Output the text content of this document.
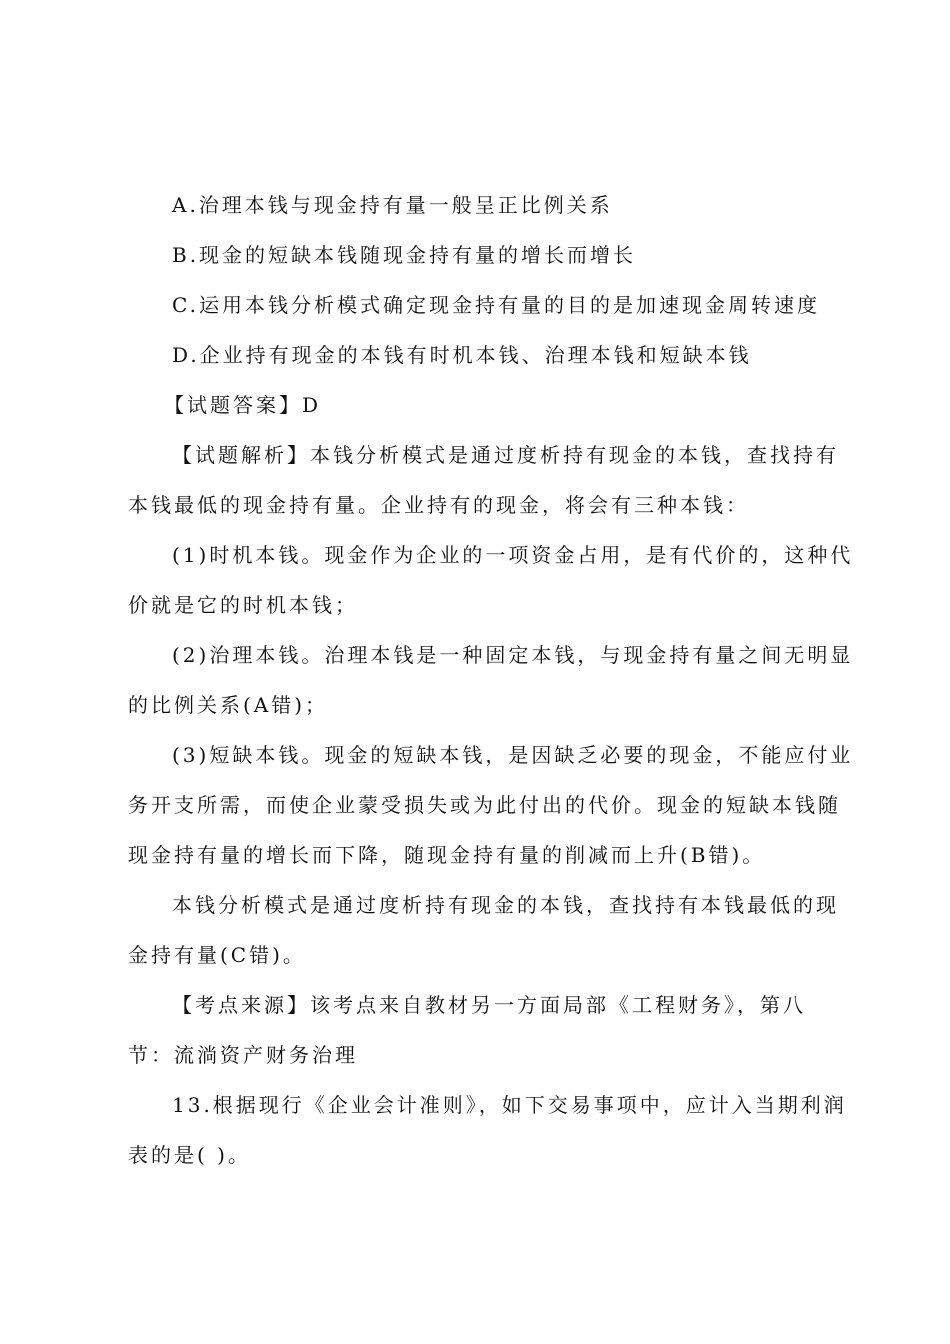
A.治理本钱与现金持有量一般呈正比例关系
B.现金的短缺本钱随现金持有量的增长而增长
C.运用本钱分析模式确定现金持有量的目的是加速现金周转速度
D.企业持有现金的本钱有时机本钱、治理本钱和短缺本钱
【试题答案】D
【试题解析】本钱分析模式是通过度析持有现金的本钱，查找持有
本钱最低的现金持有量。企业持有的现金，将会有三种本钱：
(1)时机本钱。现金作为企业的一项资金占用，是有代价的，这种代
价就是它的时机本钱；
(2)治理本钱。治理本钱是一种固定本钱，与现金持有量之间无明显
的比例关系(A错)；
(3)短缺本钱。现金的短缺本钱，是因缺乏必要的现金，不能应付业
务开支所需，而使企业蒙受损失或为此付出的代价。现金的短缺本钱随
现金持有量的增长而下降，随现金持有量的削减而上升(B错)。
本钱分析模式是通过度析持有现金的本钱，查找持有本钱最低的现
金持有量(C错)。
【考点来源】该考点来自教材另一方面局部《工程财务》，第八
节：流淌资产财务治理
13.根据现行《企业会计准则》，如下交易事项中，应计入当期利润
表的是( )。
